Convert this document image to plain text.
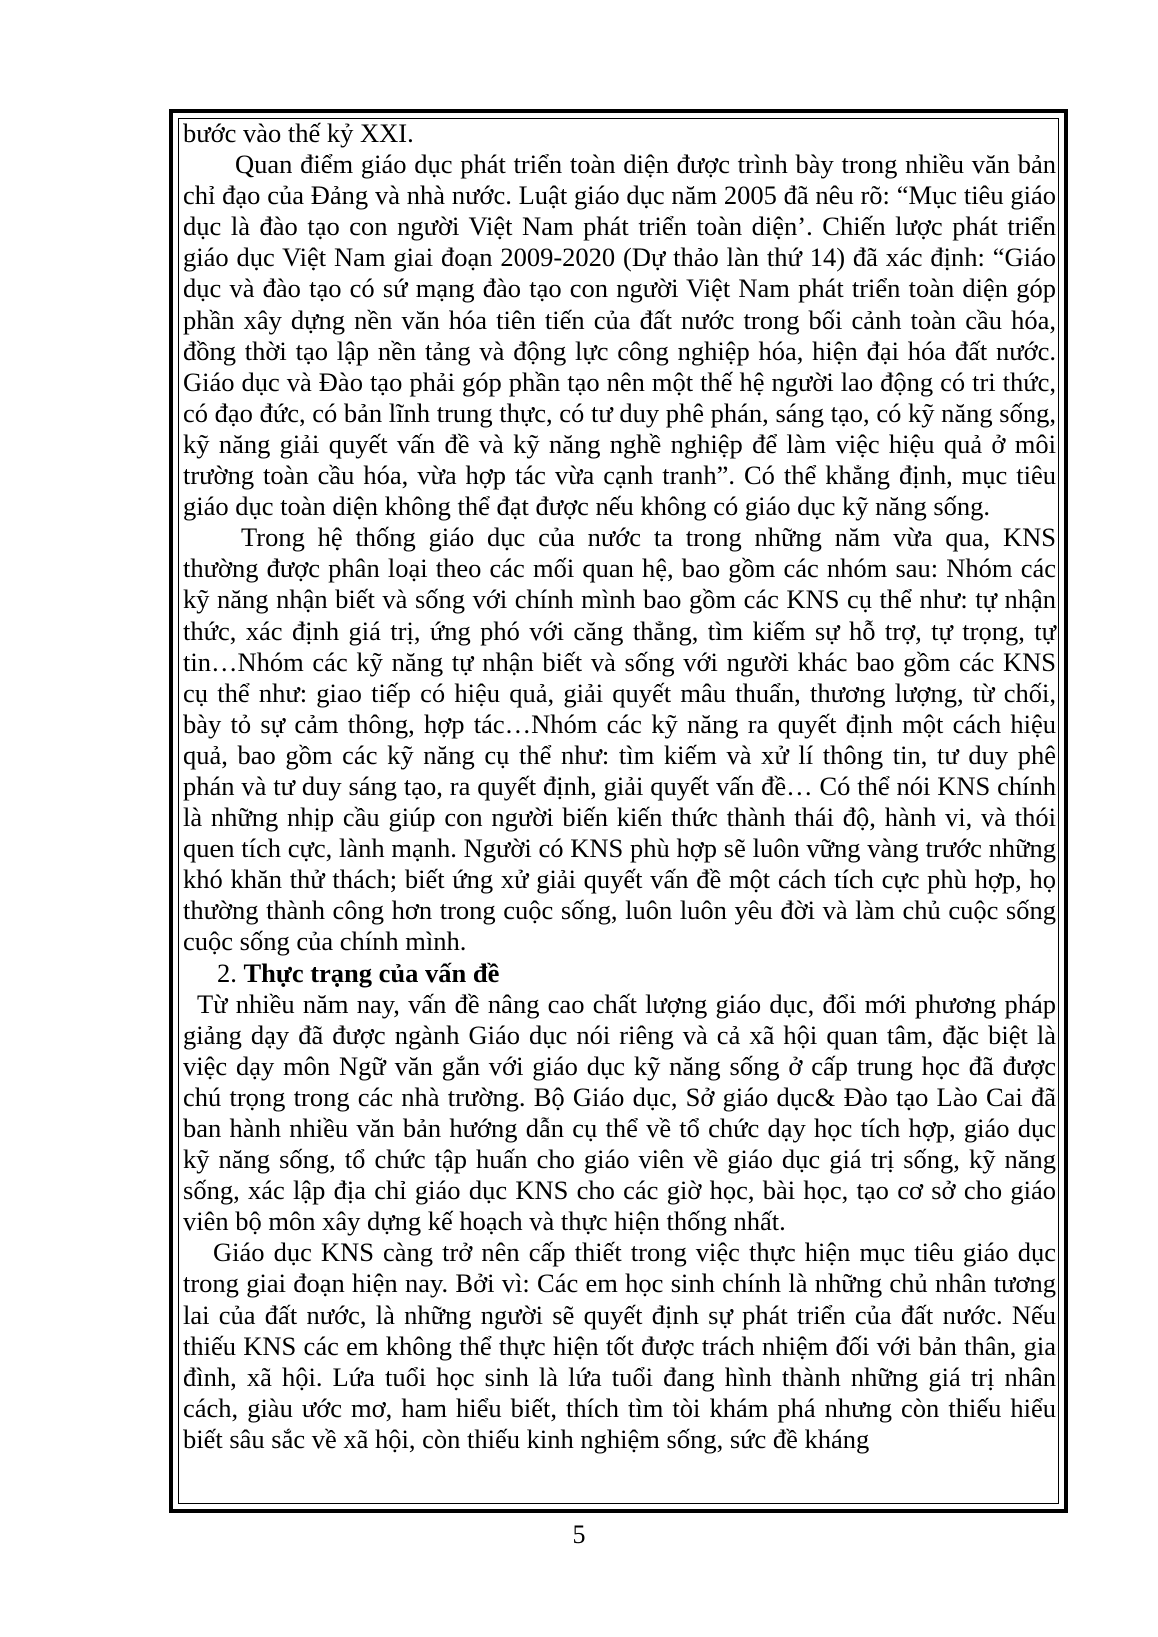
bước vào thế kỷ XXI.

Quan điểm giáo dục phát triển toàn diện được trình bày trong nhiều văn bản chỉ đạo của Đảng và nhà nước. Luật giáo dục năm 2005 đã nêu rõ: “Mục tiêu giáo dục là đào tạo con người Việt Nam phát triển toàn diện’. Chiến lược phát triển giáo dục Việt Nam giai đoạn 2009-2020 (Dự thảo làn thứ 14) đã xác định: “Giáo dục và đào tạo có sứ mạng đào tạo con người Việt Nam phát triển toàn diện góp phần xây dựng nền văn hóa tiên tiến của đất nước trong bối cảnh toàn cầu hóa, đồng thời tạo lập nền tảng và động lực công nghiệp hóa, hiện đại hóa đất nước. Giáo dục và Đào tạo phải góp phần tạo nên một thế hệ người lao động có tri thức, có đạo đức, có bản lĩnh trung thực, có tư duy phê phán, sáng tạo, có kỹ năng sống, kỹ năng giải quyết vấn đề và kỹ năng nghề nghiệp để làm việc hiệu quả ở môi trường toàn cầu hóa, vừa hợp tác vừa cạnh tranh”. Có thể khẳng định, mục tiêu giáo dục toàn diện không thể đạt được nếu không có giáo dục kỹ năng sống.

Trong hệ thống giáo dục của nước ta trong những năm vừa qua, KNS thường được phân loại theo các mối quan hệ, bao gồm các nhóm sau: Nhóm các kỹ năng nhận biết và sống với chính mình bao gồm các KNS cụ thể như: tự nhận thức, xác định giá trị, ứng phó với căng thẳng, tìm kiếm sự hỗ trợ, tự trọng, tự tin…Nhóm các kỹ năng tự nhận biết và sống với người khác bao gồm các KNS cụ thể như: giao tiếp có hiệu quả, giải quyết mâu thuẩn, thương lượng, từ chối, bày tỏ sự cảm thông, hợp tác…Nhóm các kỹ năng ra quyết định một cách hiệu quả, bao gồm các kỹ năng cụ thể như: tìm kiếm và xử lí thông tin, tư duy phê phán và tư duy sáng tạo, ra quyết định, giải quyết vấn đề… Có thể nói KNS chính là những nhịp cầu giúp con người biến kiến thức thành thái độ, hành vi, và thói quen tích cực, lành mạnh. Người có KNS phù hợp sẽ luôn vững vàng trước những khó khăn thử thách; biết ứng xử giải quyết vấn đề một cách tích cực phù hợp, họ thường thành công hơn trong cuộc sống, luôn luôn yêu đời và làm chủ cuộc sống cuộc sống của chính mình.

2. Thực trạng của vấn đề

Từ nhiều năm nay, vấn đề nâng cao chất lượng giáo dục, đổi mới phương pháp giảng dạy đã được ngành Giáo dục nói riêng và cả xã hội quan tâm, đặc biệt là việc dạy môn Ngữ văn gắn với giáo dục kỹ năng sống ở cấp trung học đã được chú trọng trong các nhà trường. Bộ Giáo dục, Sở giáo dục& Đào tạo Lào Cai đã ban hành nhiều văn bản hướng dẫn cụ thể về tổ chức dạy học tích hợp, giáo dục kỹ năng sống, tổ chức tập huấn cho giáo viên về giáo dục giá trị sống, kỹ năng sống, xác lập địa chỉ giáo dục KNS cho các giờ học, bài học, tạo cơ sở cho giáo viên bộ môn xây dựng kế hoạch và thực hiện thống nhất.

Giáo dục KNS càng trở nên cấp thiết trong việc thực hiện mục tiêu giáo dục trong giai đoạn hiện nay. Bởi vì: Các em học sinh chính là những chủ nhân tương lai của đất nước, là những người sẽ quyết định sự phát triển của đất nước. Nếu thiếu KNS các em không thể thực hiện tốt được trách nhiệm đối với bản thân, gia đình, xã hội. Lứa tuổi học sinh là lứa tuổi đang hình thành những giá trị nhân cách, giàu ước mơ, ham hiểu biết, thích tìm tòi khám phá nhưng còn thiếu hiểu biết sâu sắc về xã hội, còn thiếu kinh nghiệm sống, sức đề kháng

5
